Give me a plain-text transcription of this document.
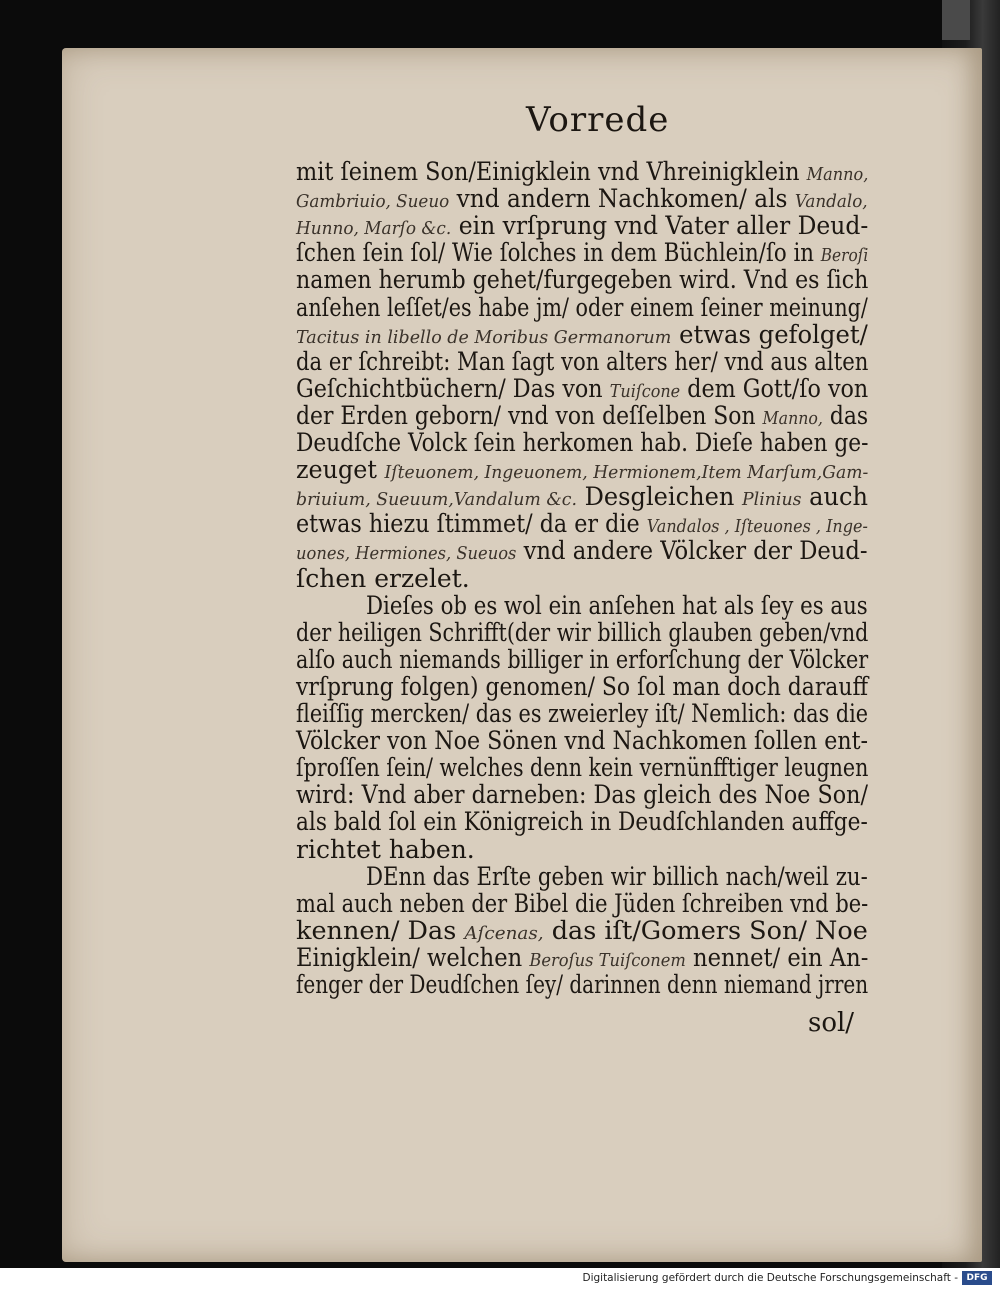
Vorrede
mit ſeinem Son/Einigklein vnd Vhreinigklein Manno,
Gambriuio, Sueuo vnd andern Nachkomen/ als Vandalo,
Hunno, Marſo &c. ein vrſprung vnd Vater aller Deud-
ſchen ſein ſol/ Wie ſolches in dem Büchlein/ſo in Beroſi
namen herumb gehet/furgegeben wird. Vnd es ſich
anſehen leſſet/es habe jm/ oder einem ſeiner meinung/
Tacitus in libello de Moribus Germanorum etwas gefolget/
da er ſchreibt: Man ſagt von alters her/ vnd aus alten
Geſchichtbüchern/ Das von Tuiſcone dem Gott/ſo von
der Erden geborn/ vnd von deſſelben Son Manno, das
Deudſche Volck ſein herkomen hab. Dieſe haben ge-
zeuget Iſteuonem, Ingeuonem, Hermionem,Item Marſum,Gam-
briuium, Sueuum,Vandalum &c. Desgleichen Plinius auch
etwas hiezu ſtimmet/ da er die Vandalos , Iſteuones , Inge-
uones, Hermiones, Sueuos vnd andere Völcker der Deud-
ſchen erzelet.
Dieſes ob es wol ein anſehen hat als ſey es aus
der heiligen Schrifft(der wir billich glauben geben/vnd
alſo auch niemands billiger in erforſchung der Völcker
vrſprung folgen) genomen/ So ſol man doch darauff
fleiſſig mercken/ das es zweierley iſt/ Nemlich: das die
Völcker von Noe Sönen vnd Nachkomen ſollen ent-
ſproſſen ſein/ welches denn kein vernünfftiger leugnen
wird: Vnd aber darneben: Das gleich des Noe Son/
als bald ſol ein Königreich in Deudſchlanden auffge-
richtet haben.
DEnn das Erſte geben wir billich nach/weil zu-
mal auch neben der Bibel die Jüden ſchreiben vnd be-
kennen/ Das Aſcenas, das iſt/Gomers Son/ Noe
Einigklein/ welchen Beroſus Tuiſconem nennet/ ein An-
fenger der Deudſchen ſey/ darinnen denn niemand jrren
sol/
Digitalisierung gefördert durch die Deutsche Forschungsgemeinschaft - DFG
